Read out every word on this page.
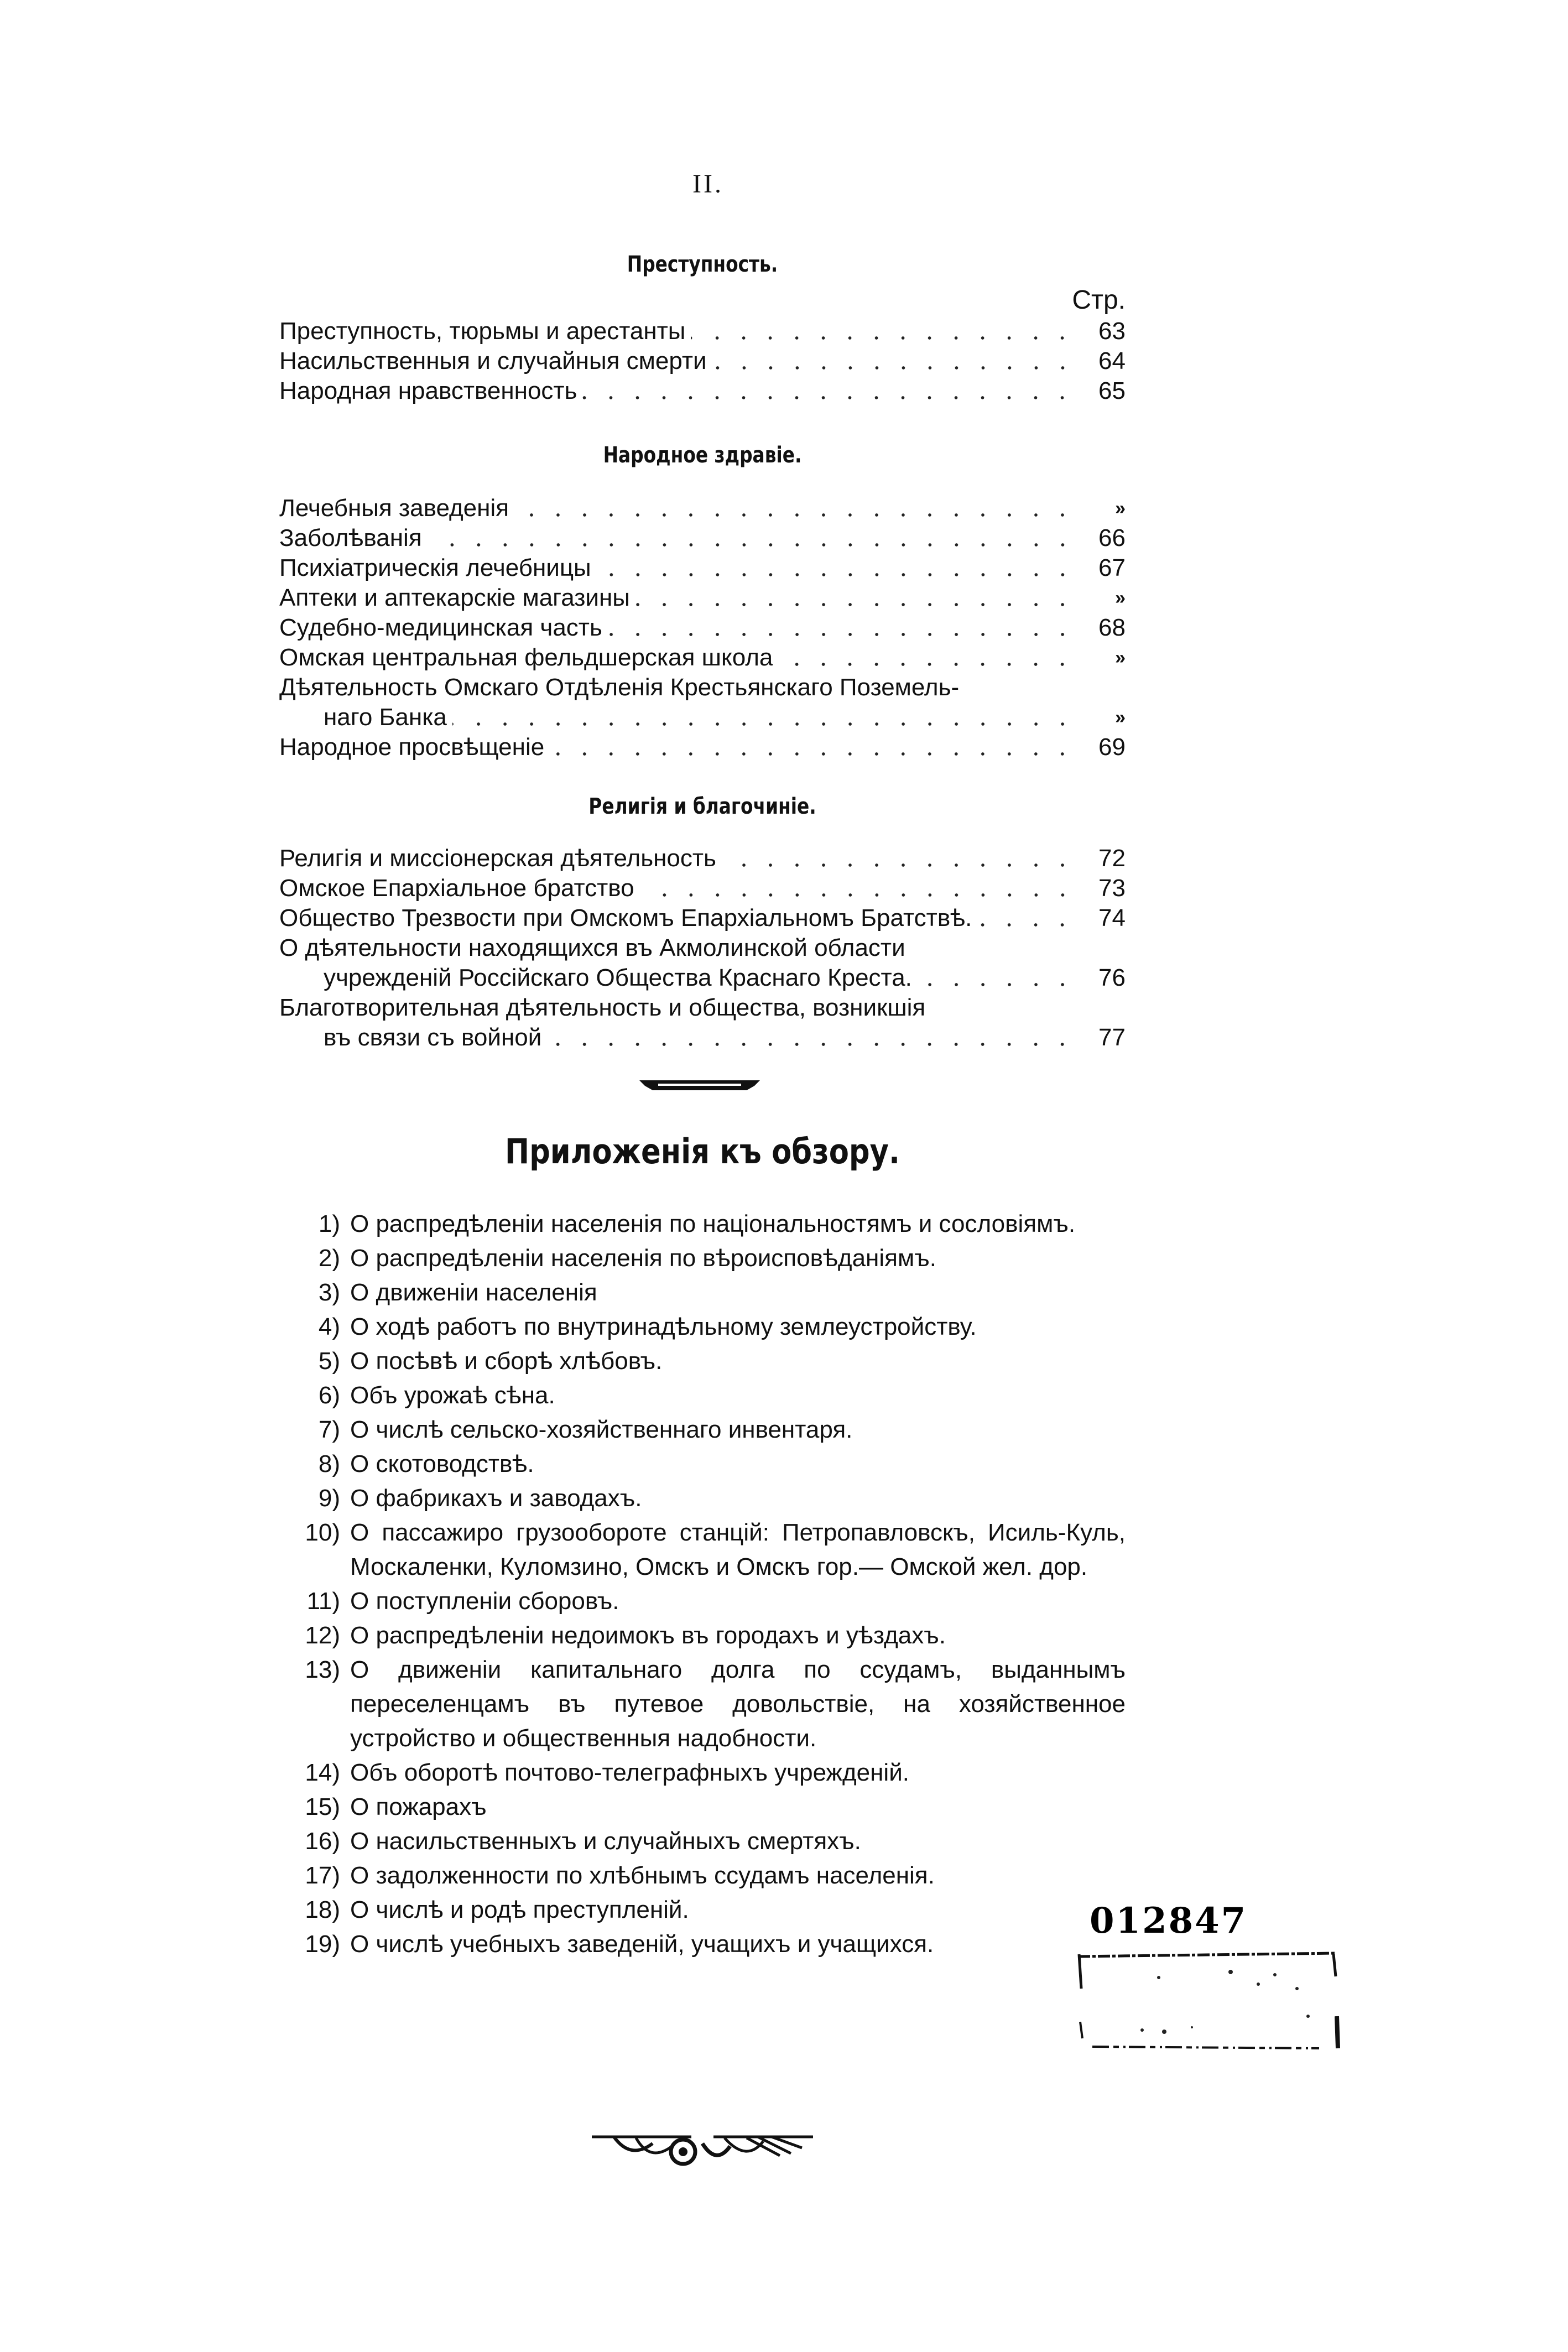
II.
Преступность.
Стр.
Преступность, тюрьмы и арестанты	63
Насильственныя и случайныя смерти	64
Народная нравственность	65
Народное здравіе.
Лечебныя заведенія	»
Заболѣванія	66
Психіатрическія лечебницы	67
Аптеки и аптекарскіе магазины	»
Судебно-медицинская часть	68
Омская центральная фельдшерская школа	»
Дѣятельность Омскаго Отдѣленія Крестьянскаго Поземель-
наго Банка	»
Народное просвѣщеніе	69
Религія и благочиніе.
Религія и миссіонерская дѣятельность	72
Омское Епархіальное братство	73
Общество Трезвости при Омскомъ Епархіальномъ Братствѣ.	74
О дѣятельности находящихся въ Акмолинской области
учрежденій Россійскаго Общества Краснаго Креста.	76
Благотворительная дѣятельность и общества, возникшія
въ связи съ войной	77
Приложенія къ обзору.
1) О распредѣленіи населенія по національностямъ и сословіямъ.
2) О распредѣленіи населенія по вѣроисповѣданіямъ.
3) О движеніи населенія
4) О ходѣ работъ по внутринадѣльному землеустройству.
5) О посѣвѣ и сборѣ хлѣбовъ.
6) Объ урожаѣ сѣна.
7) О числѣ сельско-хозяйственнаго инвентаря.
8) О скотоводствѣ.
9) О фабрикахъ и заводахъ.
10) О пассажиро грузообороте станцій: Петропавловскъ, Исиль-Куль, Москаленки, Куломзино, Омскъ и Омскъ гор.— Омской жел. дор.
11) О поступленіи сборовъ.
12) О распредѣленіи недоимокъ въ городахъ и уѣздахъ.
13) О движеніи капитальнаго долга по ссудамъ, выданнымъ переселенцамъ въ путевое довольствіе, на хозяйственное устройство и общественныя надобности.
14) Объ оборотѣ почтово-телеграфныхъ учрежденій.
15) О пожарахъ
16) О насильственныхъ и случайныхъ смертяхъ.
17) О задолженности по хлѣбнымъ ссудамъ населенія.
18) О числѣ и родѣ преступленій.
19) О числѣ учебныхъ заведеній, учащихъ и учащихся.
012847
